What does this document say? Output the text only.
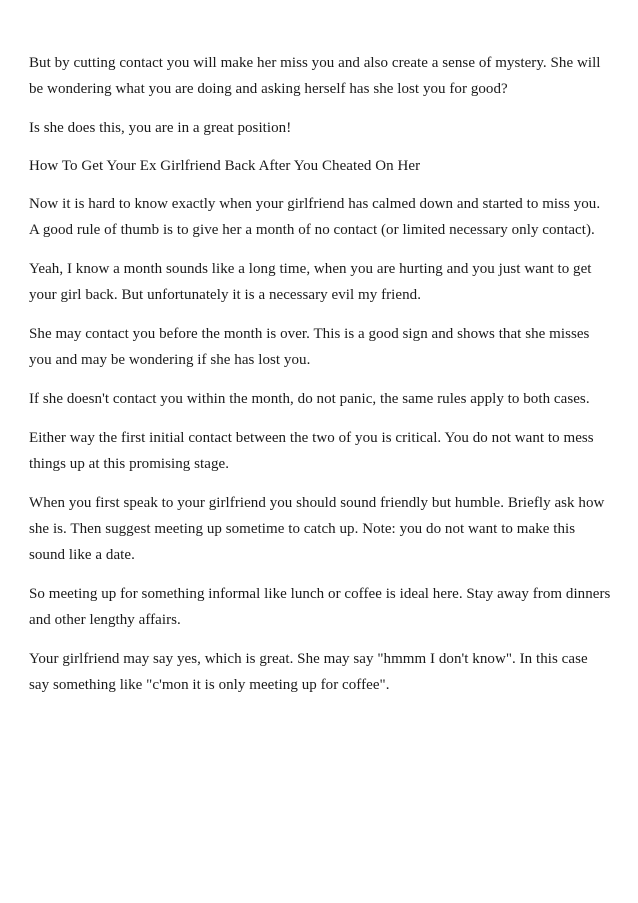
But by cutting contact you will make her miss you and also create a sense of mystery. She will be wondering what you are doing and asking herself has she lost you for good?

Is she does this, you are in a great position!

How To Get Your Ex Girlfriend Back After You Cheated On Her

Now it is hard to know exactly when your girlfriend has calmed down and started to miss you. A good rule of thumb is to give her a month of no contact (or limited necessary only contact).

Yeah, I know a month sounds like a long time, when you are hurting and you just want to get your girl back. But unfortunately it is a necessary evil my friend.

She may contact you before the month is over. This is a good sign and shows that she misses you and may be wondering if she has lost you.

If she doesn't contact you within the month, do not panic, the same rules apply to both cases.

Either way the first initial contact between the two of you is critical. You do not want to mess things up at this promising stage.

When you first speak to your girlfriend you should sound friendly but humble. Briefly ask how she is. Then suggest meeting up sometime to catch up. Note: you do not want to make this sound like a date.

So meeting up for something informal like lunch or coffee is ideal here. Stay away from dinners and other lengthy affairs.

Your girlfriend may say yes, which is great. She may say "hmmm I don't know". In this case say something like "c'mon it is only meeting up for coffee".
